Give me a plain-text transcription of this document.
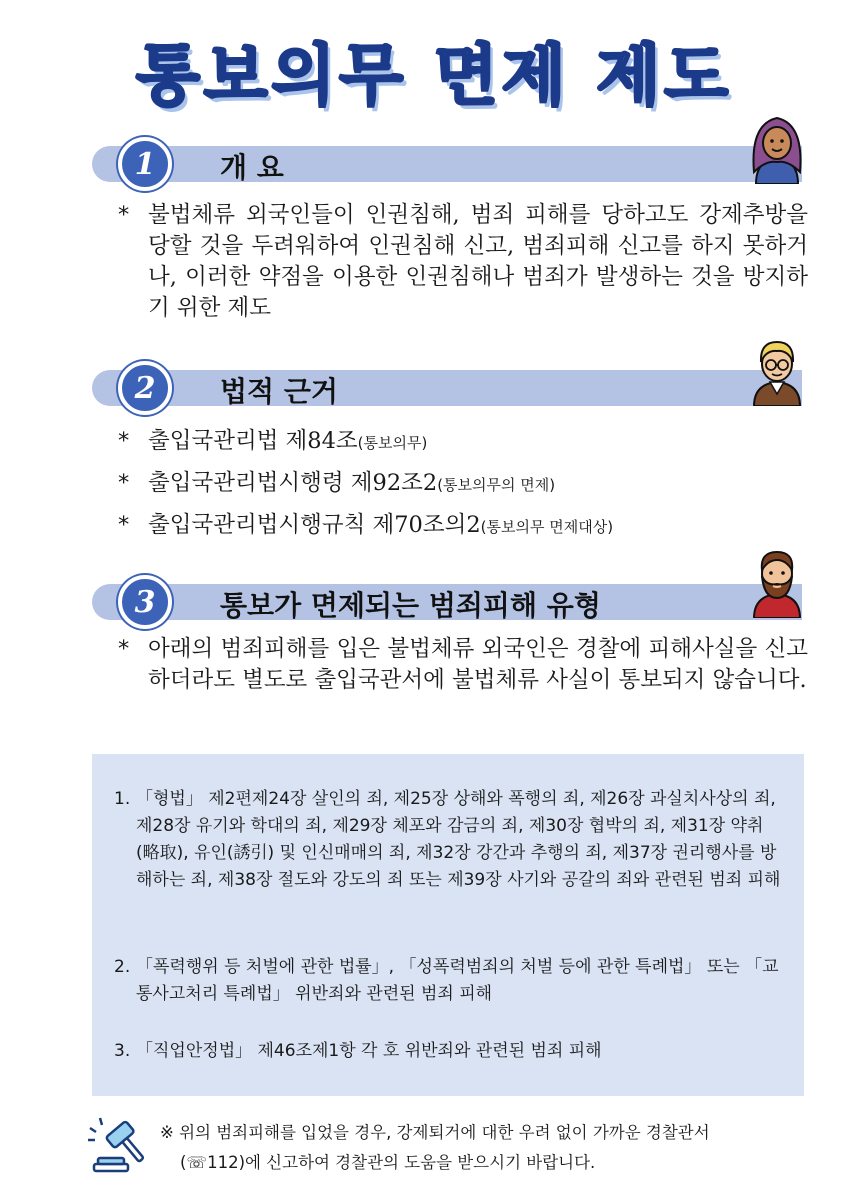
통보의무 면제 제도
1	개 요
* 불법체류 외국인들이 인권침해, 범죄 피해를 당하고도 강제추방을 당할 것을 두려워하여 인권침해 신고, 범죄피해 신고를 하지 못하거나, 이러한 약점을 이용한 인권침해나 범죄가 발생하는 것을 방지하기 위한 제도
2	법적 근거
* 출입국관리법 제84조(통보의무)
* 출입국관리법시행령 제92조2(통보의무의 면제)
* 출입국관리법시행규칙 제70조의2(통보의무 면제대상)
3	통보가 면제되는 범죄피해 유형
* 아래의 범죄피해를 입은 불법체류 외국인은 경찰에 피해사실을 신고하더라도 별도로 출입국관서에 불법체류 사실이 통보되지 않습니다.
1. 「형법」 제2편제24장 살인의 죄, 제25장 상해와 폭행의 죄, 제26장 과실치사상의 죄, 제28장 유기와 학대의 죄, 제29장 체포와 감금의 죄, 제30장 협박의 죄, 제31장 약취(略取), 유인(誘引) 및 인신매매의 죄, 제32장 강간과 추행의 죄, 제37장 권리행사를 방해하는 죄, 제38장 절도와 강도의 죄 또는 제39장 사기와 공갈의 죄와 관련된 범죄 피해
2. 「폭력행위 등 처벌에 관한 법률」, 「성폭력범죄의 처벌 등에 관한 특례법」 또는 「교통사고처리 특례법」 위반죄와 관련된 범죄 피해
3. 「직업안정법」 제46조제1항 각 호 위반죄와 관련된 범죄 피해
※ 위의 범죄피해를 입었을 경우, 강제퇴거에 대한 우려 없이 가까운 경찰관서
(☏112)에 신고하여 경찰관의 도움을 받으시기 바랍니다.
